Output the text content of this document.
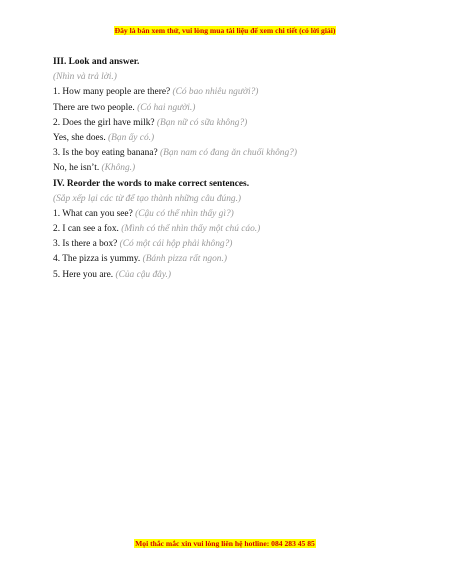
Đây là bản xem thử, vui lòng mua tài liệu để xem chi tiết (có lời giải)
III. Look and answer.
(Nhìn và trả lời.)
1. How many people are there? (Có bao nhiêu người?)
There are two people. (Có hai người.)
2. Does the girl have milk? (Bạn nữ có sữa không?)
Yes, she does. (Bạn ấy có.)
3. Is the boy eating banana? (Bạn nam có đang ăn chuối không?)
No, he isn’t. (Không.)
IV. Reorder the words to make correct sentences.
(Sắp xếp lại các từ để tạo thành những câu đúng.)
1. What can you see? (Cậu có thể nhìn thấy gì?)
2. I can see a fox. (Mình có thể nhìn thấy một chú cáo.)
3. Is there a box? (Có một cái hộp phải không?)
4. The pizza is yummy. (Bánh pizza rất ngon.)
5. Here you are. (Của cậu đây.)
Mọi thắc mắc xin vui lòng liên hệ hotline: 084 283 45 85
